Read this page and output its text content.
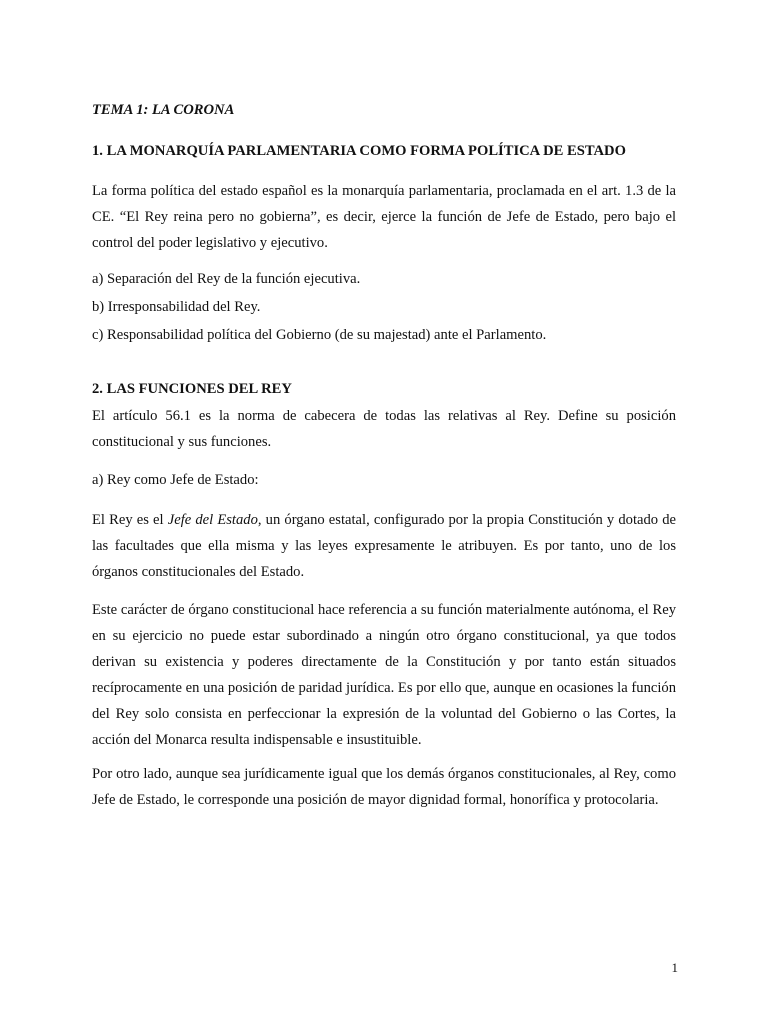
TEMA 1: LA CORONA
1. LA MONARQUÍA PARLAMENTARIA COMO FORMA POLÍTICA DE ESTADO

La forma política del estado español es la monarquía parlamentaria, proclamada en el art. 1.3 de la CE. “El Rey reina pero no gobierna”, es decir, ejerce la función de Jefe de Estado, pero bajo el control del poder legislativo y ejecutivo.

a) Separación del Rey de la función ejecutiva.
b) Irresponsabilidad del Rey.
c) Responsabilidad política del Gobierno (de su majestad) ante el Parlamento.
2. LAS FUNCIONES DEL REY

El artículo 56.1 es la norma de cabecera de todas las relativas al Rey. Define su posición constitucional y sus funciones.

a) Rey como Jefe de Estado:

El Rey es el Jefe del Estado, un órgano estatal, configurado por la propia Constitución y dotado de las facultades que ella misma y las leyes expresamente le atribuyen. Es por tanto, uno de los órganos constitucionales del Estado.

Este carácter de órgano constitucional hace referencia a su función materialmente autónoma, el Rey en su ejercicio no puede estar subordinado a ningún otro órgano constitucional, ya que todos derivan su existencia y poderes directamente de la Constitución y por tanto están situados recíprocamente en una posición de paridad jurídica. Es por ello que, aunque en ocasiones la función del Rey solo consista en perfeccionar la expresión de la voluntad del Gobierno o las Cortes, la acción del Monarca resulta indispensable e insustituible.

Por otro lado, aunque sea jurídicamente igual que los demás órganos constitucionales, al Rey, como Jefe de Estado, le corresponde una posición de mayor dignidad formal, honorífica y protocolaria.

1
